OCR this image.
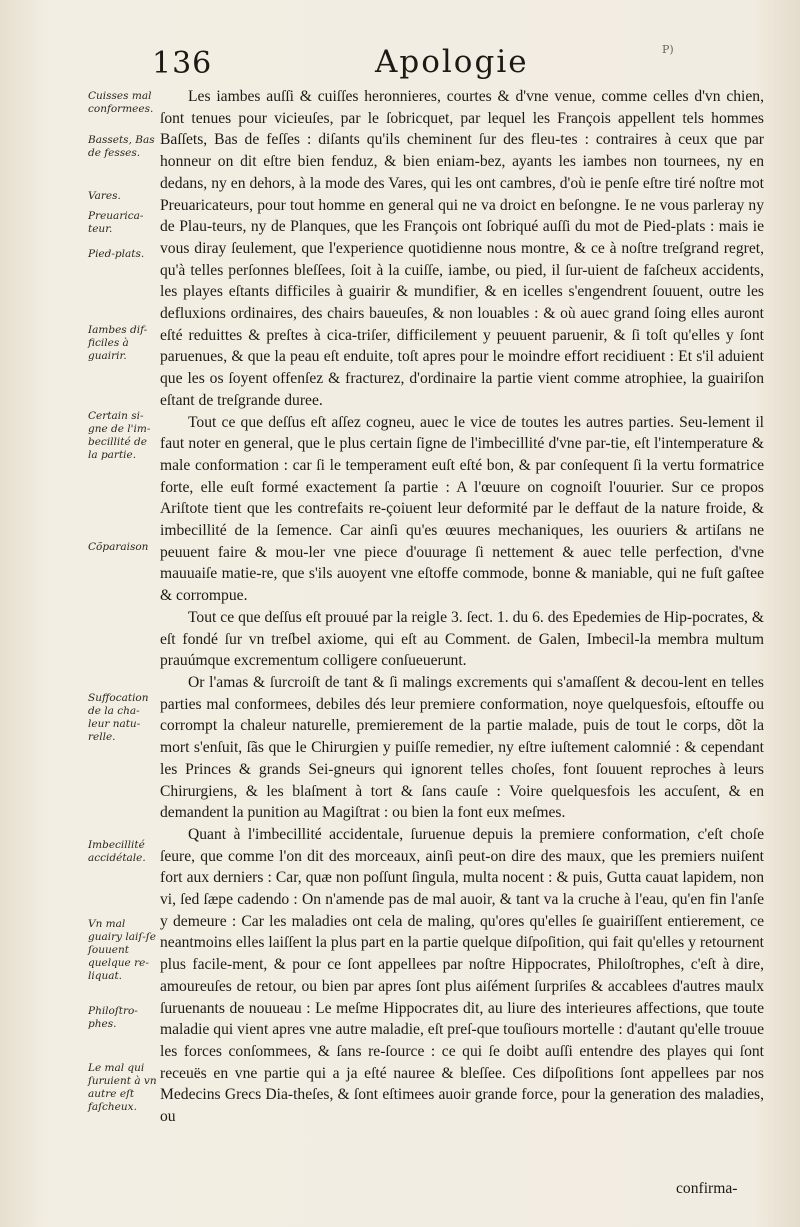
136	Apologie	P)
Cuisses mal conformees.
Bassets, Bas de fesses.
Vares.
Preuarica-teur.
Pied-plats.
Iambes dif-ficiles à guairir.
Certain si-gne de l'im-becillité de la partie.
Cõparaison
Suffocation de la cha-leur natu-relle.
Imbecillité accidétale.
Vn mal guairy laiſ-ſe ſouuent quelque re-liquat.
Philoſtro-phes.
Le mal qui ſuruient à vn autre eſt faſcheux.

Les iambes auſſi & cuiſſes heronnieres, courtes & d'vne venue, comme celles d'vn chien, ſont tenues pour vicieuſes, par le ſobricquet, par lequel les François appellent tels hommes Baſſets, Bas de feſſes : diſants qu'ils cheminent ſur des fleu-tes : contraires à ceux que par honneur on dit eſtre bien fenduz, & bien eniam-bez, ayants les iambes non tournees, ny en dedans, ny en dehors, à la mode des Vares, qui les ont cambres, d'où ie penſe eſtre tiré noſtre mot Preuaricateurs, pour tout homme en general qui ne va droict en beſongne. Ie ne vous parleray ny de Plau-teurs, ny de Planques, que les François ont ſobriqué auſſi du mot de Pied-plats : mais ie vous diray ſeulement, que l'experience quotidienne nous montre, & ce à noſtre treſgrand regret, qu'à telles perſonnes bleſſees, ſoit à la cuiſſe, iambe, ou pied, il ſur-uient de faſcheux accidents, les playes eſtants difficiles à guairir & mundifier, & en icelles s'engendrent ſouuent, outre les defluxions ordinaires, des chairs baueuſes, & non louables : & où auec grand ſoing elles auront eſté reduittes & preſtes à cica-triſer, difficilement y peuuent paruenir, & ſi toſt qu'elles y ſont paruenues, & que la peau eſt enduite, toſt apres pour le moindre effort recidiuent : Et s'il aduient que les os ſoyent offenſez & fracturez, d'ordinaire la partie vient comme atrophiee, la guairiſon eſtant de treſgrande duree.

Tout ce que deſſus eſt aſſez cogneu, auec le vice de toutes les autres parties. Seu-lement il faut noter en general, que le plus certain ſigne de l'imbecillité d'vne par-tie, eſt l'intemperature & male conformation : car ſi le temperament euſt eſté bon, & par conſequent ſi la vertu formatrice forte, elle euſt formé exactement ſa partie : A l'œuure on cognoiſt l'ouurier. Sur ce propos Ariſtote tient que les contrefaits re-çoiuent leur deformité par le deffaut de la nature froide, & imbecillité de la ſemence. Car ainſi qu'es œuures mechaniques, les ouuriers & artiſans ne peuuent faire & mou-ler vne piece d'ouurage ſi nettement & auec telle perfection, d'vne mauuaiſe matie-re, que s'ils auoyent vne eſtoffe commode, bonne & maniable, qui ne fuſt gaſtee & corrompue.

Tout ce que deſſus eſt prouué par la reigle 3. ſect. 1. du 6. des Epedemies de Hip-pocrates, & eſt fondé ſur vn treſbel axiome, qui eſt au Comment. de Galen, Imbecil-la membra multum prauúmque excrementum colligere conſueuerunt.

Or l'amas & ſurcroiſt de tant & ſi malings excrements qui s'amaſſent & decou-lent en telles parties mal conformees, debiles dés leur premiere conformation, noye quelquesfois, eſtouffe ou corrompt la chaleur naturelle, premierement de la partie malade, puis de tout le corps, dõt la mort s'enſuit, ſãs que le Chirurgien y puiſſe remedier, ny eſtre iuſtement calomnié : & cependant les Princes & grands Sei-gneurs qui ignorent telles choſes, font ſouuent reproches à leurs Chirurgiens, & les blaſment à tort & ſans cauſe : Voire quelquesfois les accuſent, & en demandent la punition au Magiſtrat : ou bien la font eux meſmes.

Quant à l'imbecillité accidentale, ſuruenue depuis la premiere conformation, c'eſt choſe ſeure, que comme l'on dit des morceaux, ainſi peut-on dire des maux, que les premiers nuiſent fort aux derniers : Car, quæ non poſſunt ſingula, multa nocent : & puis, Gutta cauat lapidem, non vi, ſed ſæpe cadendo : On n'amende pas de mal auoir, & tant va la cruche à l'eau, qu'en fin l'anſe y demeure : Car les maladies ont cela de maling, qu'ores qu'elles ſe guairiſſent entierement, ce neantmoins elles laiſſent la plus part en la partie quelque diſpoſition, qui fait qu'elles y retournent plus facile-ment, & pour ce ſont appellees par noſtre Hippocrates, Philoſtrophes, c'eſt à dire, amoureuſes de retour, ou bien par apres ſont plus aiſément ſurpriſes & accablees d'autres maulx ſuruenants de nouueau : Le meſme Hippocrates dit, au liure des interieures affections, que toute maladie qui vient apres vne autre maladie, eſt preſ-que touſiours mortelle : d'autant qu'elle trouue les forces conſommees, & ſans re-ſource : ce qui ſe doibt auſſi entendre des playes qui ſont receuës en vne partie qui a ja eſté nauree & bleſſee. Ces diſpoſitions ſont appellees par nos Medecins Grecs Dia-theſes, & ſont eſtimees auoir grande force, pour la generation des maladies, ou

confirma-
